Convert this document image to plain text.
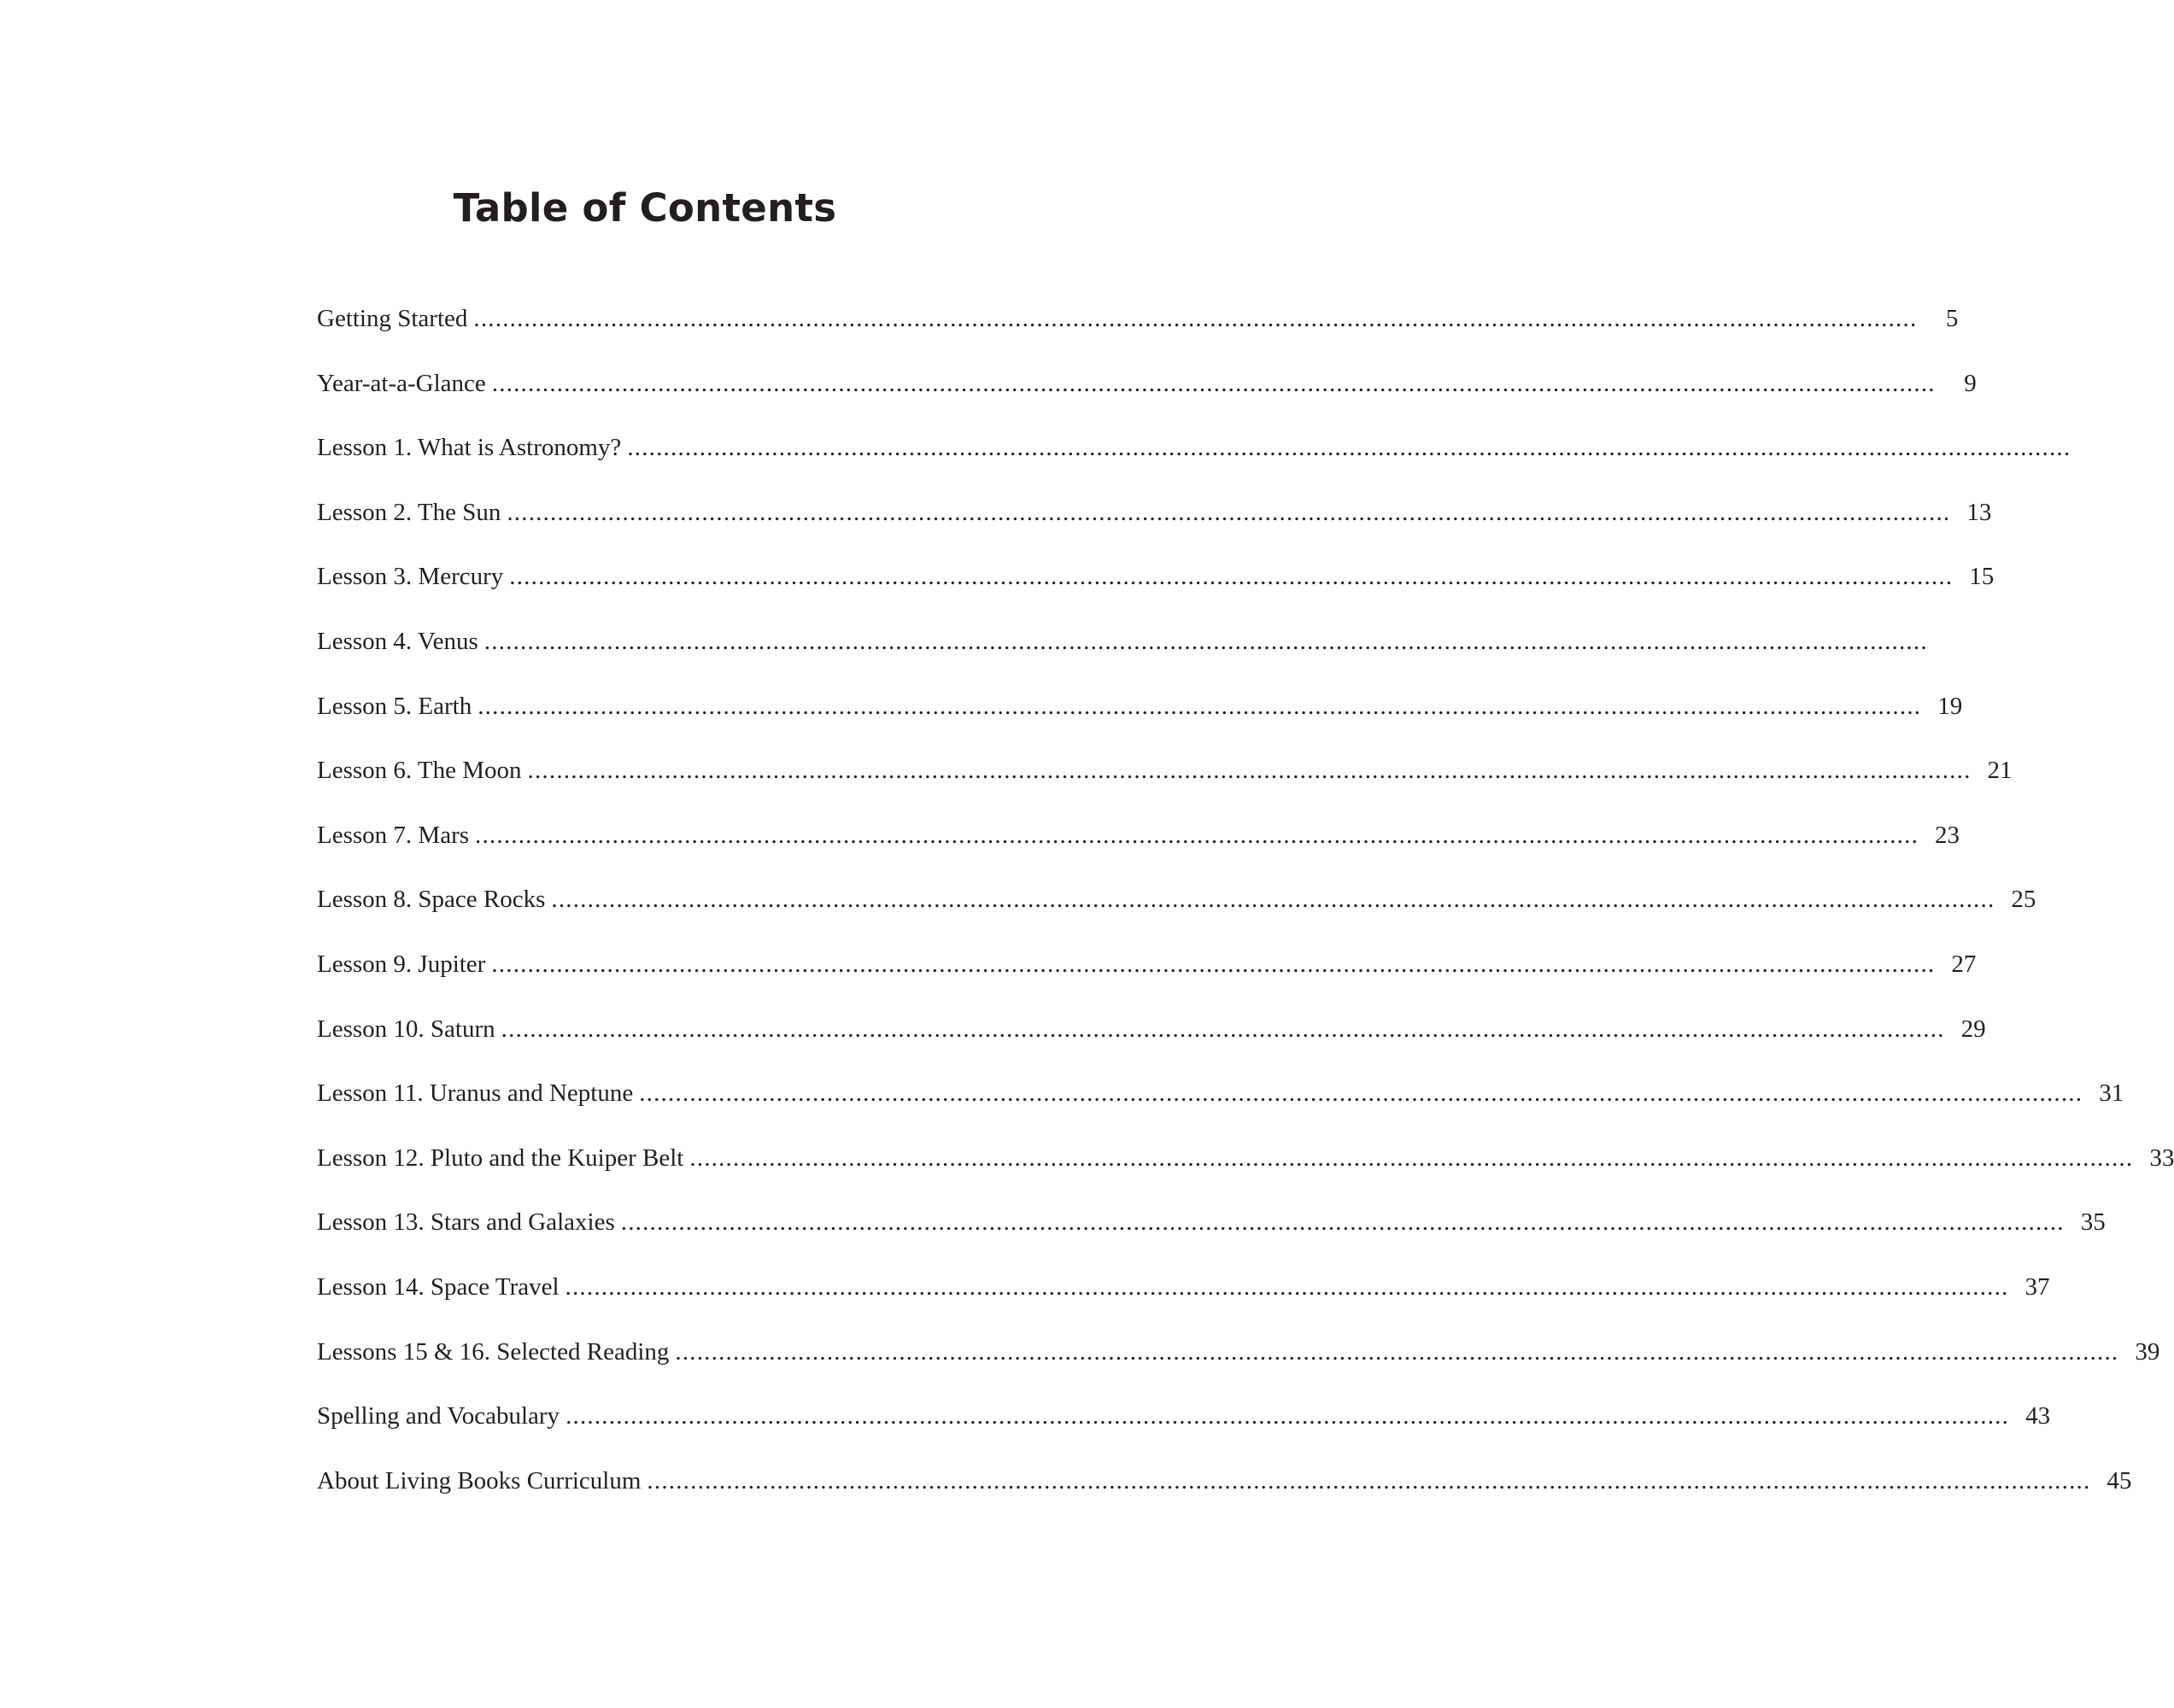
Table of Contents
Getting Started ........................................................................................................................................................................................................	5
Year-at-a-Glance ........................................................................................................................................................................................................	9
Lesson 1. What is Astronomy? ........................................................................................................................................................................................................
Lesson 2. The Sun ........................................................................................................................................................................................................ 13
Lesson 3. Mercury ........................................................................................................................................................................................................ 15
Lesson 4. Venus ........................................................................................................................................................................................................
Lesson 5. Earth ........................................................................................................................................................................................................ 19
Lesson 6. The Moon ........................................................................................................................................................................................................ 21
Lesson 7. Mars ........................................................................................................................................................................................................ 23
Lesson 8. Space Rocks ........................................................................................................................................................................................................ 25
Lesson 9. Jupiter ........................................................................................................................................................................................................ 27
Lesson 10. Saturn ........................................................................................................................................................................................................ 29
Lesson 11. Uranus and Neptune ........................................................................................................................................................................................................ 31
Lesson 12. Pluto and the Kuiper Belt ........................................................................................................................................................................................................ 33
Lesson 13. Stars and Galaxies ........................................................................................................................................................................................................ 35
Lesson 14. Space Travel ........................................................................................................................................................................................................ 37
Lessons 15 & 16. Selected Reading ........................................................................................................................................................................................................ 39
Spelling and Vocabulary ........................................................................................................................................................................................................ 43
About Living Books Curriculum ........................................................................................................................................................................................................ 45
